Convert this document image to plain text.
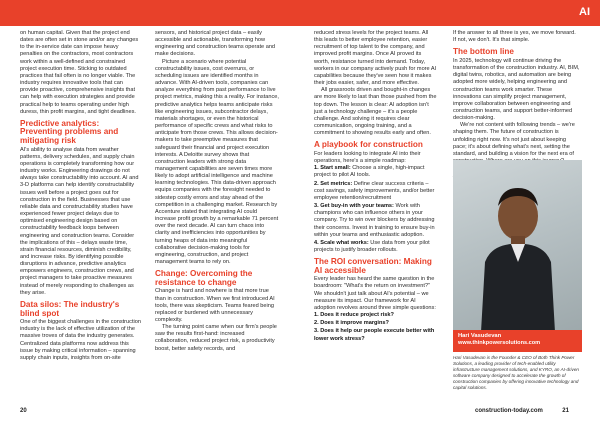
AI

on human capital. Given that the project end dates are often set in stone and/or any changes to the in-service date can impose heavy penalties on the contractors, most contractors work within a well-defined and constrained project execution time. Sticking to outdated practices that fail often is no longer viable. The industry requires innovative tools that can provide proactive, comprehensive insights that can help with execution strategies and provide practical help to teams operating under high duress, thin profit margins, and tight deadlines.

Predictive analytics: Preventing problems and mitigating risk

AI's ability to analyse data from weather patterns, delivery schedules, and supply chain operations is completely transforming how our industry works. Engineering drawings do not always take constructability into account. AI and 3-D platforms can help identify constructability issues well before a project goes out for construction in the field. Businesses that use reliable data and constructability studies have experienced fewer project delays due to optimised engineering design based on constructability feedback loops between engineering and construction teams. Consider the implications of this – delays waste time, strain financial resources, diminish credibility, and increase risks. By identifying possible disruptions in advance, predictive analytics empowers engineers, construction crews, and project managers to take proactive measures instead of merely responding to challenges as they arise.

Data silos: The industry's blind spot

One of the biggest challenges in the construction industry is the lack of effective utilization of the massive troves of data the industry generates. Centralized data platforms now address this issue by making critical information – spanning supply chain inputs, insights from on-site

sensors, and historical project data – easily accessible and actionable, transforming how engineering and construction teams operate and make decisions.

Picture a scenario where potential constructability issues, cost overruns, or scheduling issues are identified months in advance. With AI-driven tools, companies can analyze everything from past performance to live project metrics, making this a reality. For instance, predictive analytics helps teams anticipate risks like engineering issues, subcontractor delays, materials shortages, or even the historical performance of specific crews and what risks to anticipate from those crews. This allows decision-makers to take preemptive measures that safeguard their financial and project execution interests. A Deloitte survey shows that construction leaders with strong data management capabilities are seven times more likely to adopt artificial intelligence and machine learning technologies. This data-driven approach equips companies with the foresight needed to sidestep costly errors and stay ahead of the competition in a challenging market. Research by Accenture stated that integrating AI could increase profit growth by a remarkable 71 percent over the next decade. AI can turn chaos into clarity and inefficiencies into opportunities by turning heaps of data into meaningful collaborative decision-making tools for engineering, construction, and project management teams to rely on.

Change: Overcoming the resistance to change

Change is hard and nowhere is that more true than in construction. When we first introduced AI tools, there was skepticism. Teams feared being replaced or burdened with unnecessary complexity.

The turning point came when our firm's people saw the results first-hand: increased collaboration, reduced project risk, a productivity boost, better safety records, and

reduced stress levels for the project teams. All this leads to better employee retention, easier recruitment of top talent to the company, and improved profit margins. Once AI proved its worth, resistance turned into demand. Today, workers in our company actively push for more AI capabilities because they've seen how it makes their jobs easier, safer, and more effective.

All grassroots driven and bought-in changes are more likely to last than those pushed from the top down. The lesson is clear: AI adoption isn't just a technology challenge – it's a people challenge. And solving it requires clear communication, ongoing training, and a commitment to showing results early and often.

A playbook for construction

For leaders looking to integrate AI into their operations, here's a simple roadmap:

1. Start small: Choose a single, high-impact project to pilot AI tools.
2. Set metrics: Define clear success criteria – cost savings, safety improvements, and/or better employee retention/recruitment
3. Get buy-in with your teams: Work with champions who can influence others in your company. Try to win over blockers by addressing their concerns. Invest in training to ensure buy-in within your teams and enthusiastic adoption.
4. Scale what works: Use data from your pilot projects to justify broader rollouts.
The ROI conversation: Making AI accessible

Every leader has heard the same question in the boardroom: "What's the return on investment?" We shouldn't just talk about AI's potential – we measure its impact. Our framework for AI adoption revolves around three simple questions:

1. Does it reduce project risk?
2. Does it improve margins?
3. Does it help our people execute better with lower work stress?

If the answer to all three is yes, we move forward. If not, we don't. It's that simple.

The bottom line

In 2025, technology will continue driving the transformation of the construction industry. AI, BIM, digital twins, robotics, and automation are being adopted more widely, helping engineering and construction teams work smarter. These innovations can simplify project management, improve collaboration between engineering and construction teams, and support better-informed decision-making.

We're not content with following trends – we're shaping them. The future of construction is unfolding right now. It's not just about keeping pace; it's about defining what's next, setting the standard, and building a vision for the next era of

Hari Vasudevan
www.thinkpowersolutions.com

Hari Vasudevan is the Founder & CEO of Both Think Power Solutions, a leading provider of tech-enabled utility infrastructure management solutions, and KYRO, an AI-driven software company designed to accelerate the growth of construction companies by offering innovative technology and capital solutions.

20	construction-today.com	21
